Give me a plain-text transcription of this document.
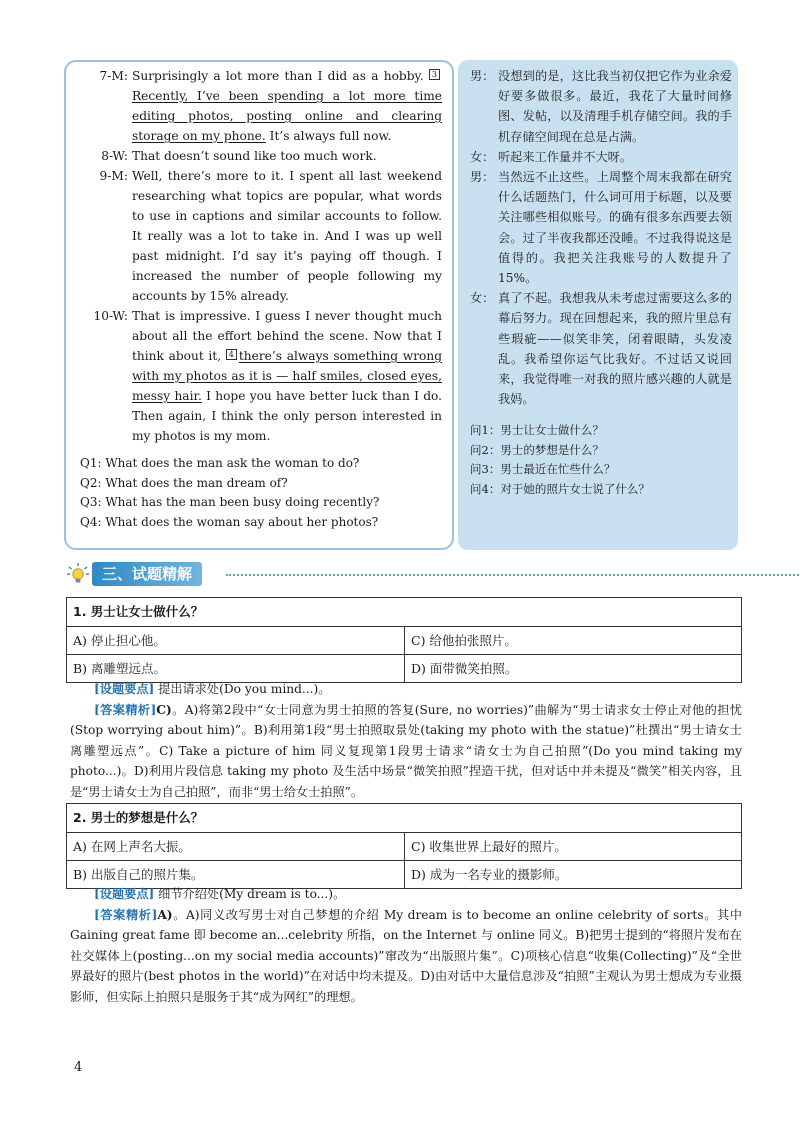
7-M: Surprisingly a lot more than I did as a hobby. 3Recently, I’ve been spending a lot more time editing photos, posting online and clearing storage on my phone. It’s always full now.
8-W: That doesn’t sound like too much work.
9-M: Well, there’s more to it. I spent all last weekend researching what topics are popular, what words to use in captions and similar accounts to follow. It really was a lot to take in. And I was up well past midnight. I’d say it’s paying off though. I increased the number of people following my accounts by 15% already.
10-W: That is impressive. I guess I never thought much about all the effort behind the scene. Now that I think about it, 4 there’s always something wrong with my photos as it is — half smiles, closed eyes, messy hair. I hope you have better luck than I do. Then again, I think the only person interested in my photos is my mom.
Q1: What does the man ask the woman to do?
Q2: What does the man dream of?
Q3: What has the man been busy doing recently?
Q4: What does the woman say about her photos?
男： 没想到的是，这比我当初仅把它作为业余爱好要多做很多。最近，我花了大量时间修图、发帖，以及清理手机存储空间。我的手机存储空间现在总是占满。
女： 听起来工作量并不大呀。
男： 当然远不止这些。上周整个周末我都在研究什么话题热门，什么词可用于标题，以及要关注哪些相似账号。的确有很多东西要去领会。过了半夜我都还没睡。不过我得说这是值得的。我把关注我账号的人数提升了15%。
女： 真了不起。我想我从未考虑过需要这么多的幕后努力。现在回想起来，我的照片里总有些瑕疵——似笑非笑，闭着眼睛，头发凌乱。我希望你运气比我好。不过话又说回来，我觉得唯一对我的照片感兴趣的人就是我妈。
问1：男士让女士做什么？
问2：男士的梦想是什么？
问3：男士最近在忙些什么？
问4：对于她的照片女士说了什么？
三、试题精解
1. 男士让女士做什么？
A) 停止担心他。	C) 给他拍张照片。
B) 离雕塑远点。	D) 面带微笑拍照。
[设题要点] 提出请求处(Do you mind...)。
[答案精析]C)。A)将第2段中“女士同意为男士拍照的答复(Sure, no worries)”曲解为“男士请求女士停止对他的担忧(Stop worrying about him)”。B)利用第1段“男士拍照取景处(taking my photo with the statue)”杜撰出“男士请女士离雕塑远点”。C) Take a picture of him 同义复现第1段男士请求“请女士为自己拍照”(Do you mind taking my photo...)。D)利用片段信息 taking my photo 及生活中场景“微笑拍照”捏造干扰，但对话中并未提及“微笑”相关内容，且是“男士请女士为自己拍照”，而非“男士给女士拍照”。
2. 男士的梦想是什么？
A) 在网上声名大振。	C) 收集世界上最好的照片。
B) 出版自己的照片集。	D) 成为一名专业的摄影师。
[设题要点] 细节介绍处(My dream is to...)。
[答案精析]A)。A)同义改写男士对自己梦想的介绍 My dream is to become an online celebrity of sorts。其中 Gaining great fame 即 become an...celebrity 所指，on the Internet 与 online 同义。B)把男士提到的“将照片发布在社交媒体上(posting...on my social media accounts)”窜改为“出版照片集”。C)项核心信息“收集(Collecting)”及“全世界最好的照片(best photos in the world)”在对话中均未提及。D)由对话中大量信息涉及“拍照”主观认为男士想成为专业摄影师，但实际上拍照只是服务于其“成为网红”的理想。
4
